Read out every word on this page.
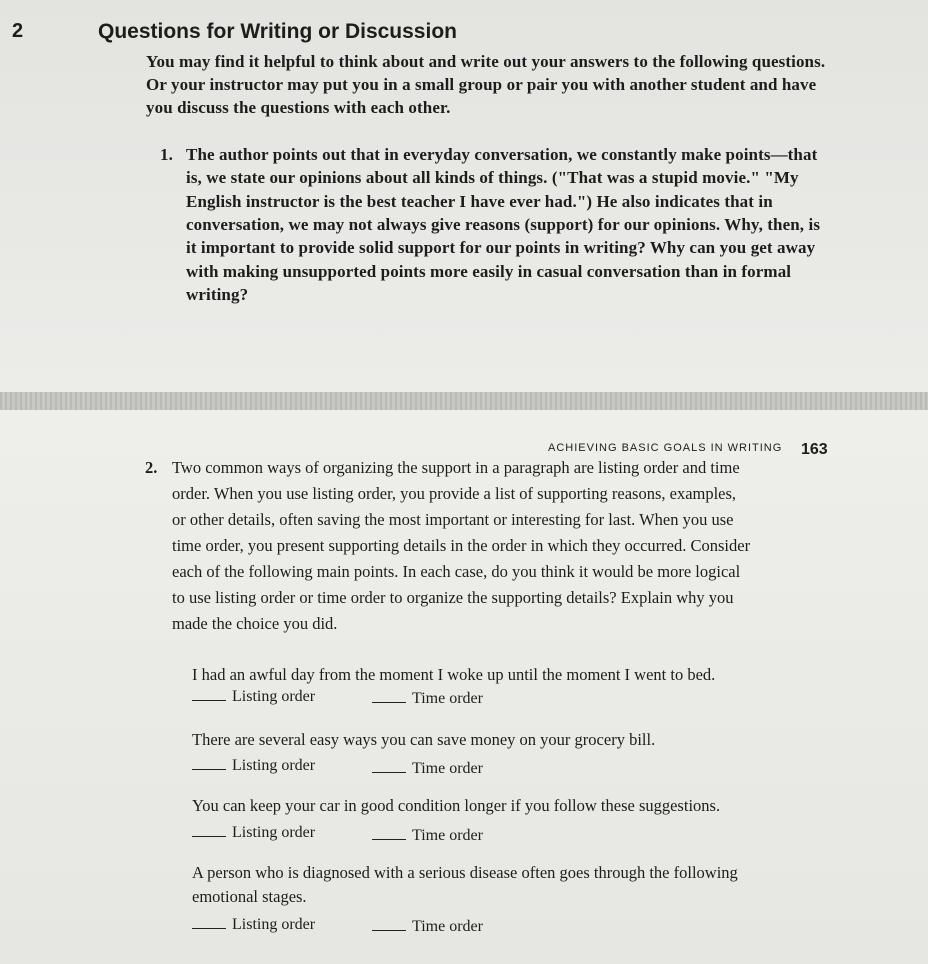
2	Questions for Writing or Discussion
You may find it helpful to think about and write out your answers to the following questions.
Or your instructor may put you in a small group or pair you with another student and have
you discuss the questions with each other.
1. The author points out that in everyday conversation, we constantly make points—that
is, we state our opinions about all kinds of things. ("That was a stupid movie." "My
English instructor is the best teacher I have ever had.") He also indicates that in
conversation, we may not always give reasons (support) for our opinions. Why, then, is
it important to provide solid support for our points in writing? Why can you get away
with making unsupported points more easily in casual conversation than in formal
writing?
ACHIEVING BASIC GOALS IN WRITING 163
2. Two common ways of organizing the support in a paragraph are listing order and time
order. When you use listing order, you provide a list of supporting reasons, examples,
or other details, often saving the most important or interesting for last. When you use
time order, you present supporting details in the order in which they occurred. Consider
each of the following main points. In each case, do you think it would be more logical
to use listing order or time order to organize the supporting details? Explain why you
made the choice you did.
I had an awful day from the moment I woke up until the moment I went to bed.
Listing order	Time order
There are several easy ways you can save money on your grocery bill.
Listing order	Time order
You can keep your car in good condition longer if you follow these suggestions.
Listing order	Time order
A person who is diagnosed with a serious disease often goes through the following
emotional stages.
Listing order	Time order
